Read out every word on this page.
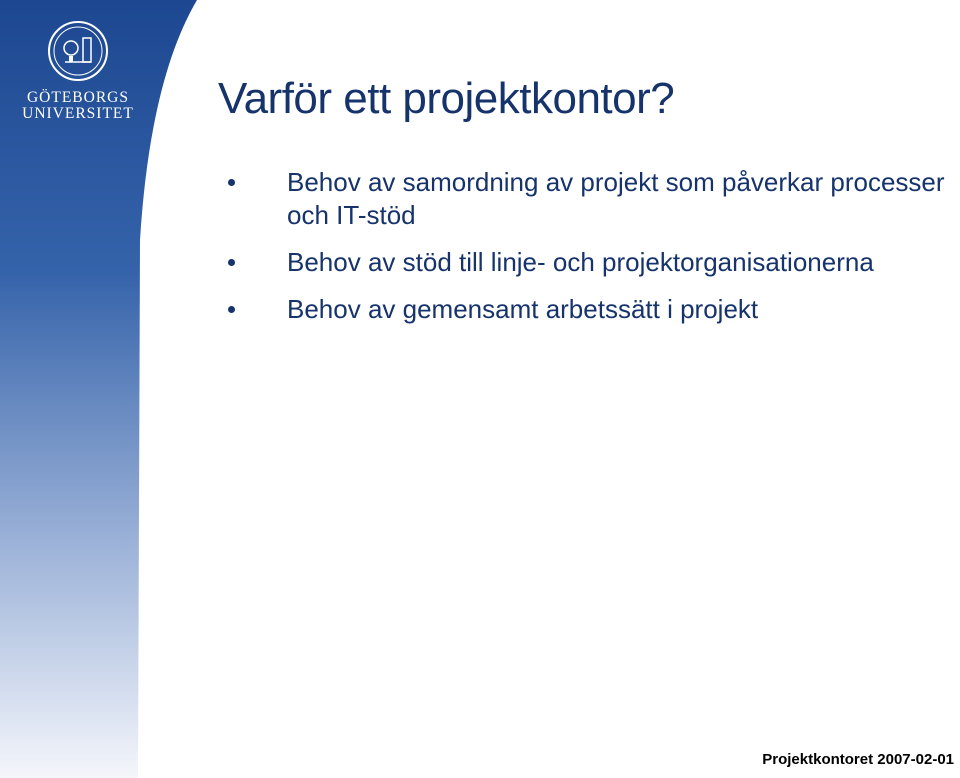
GÖTEBORGS
UNIVERSITET Varför ett projektkontor?
Behov av samordning av projekt som påverkar processer och IT-stöd
Behov av stöd till linje- och projektorganisationerna
Behov av gemensamt arbetssätt i projekt
Projektkontoret 2007-02-01
